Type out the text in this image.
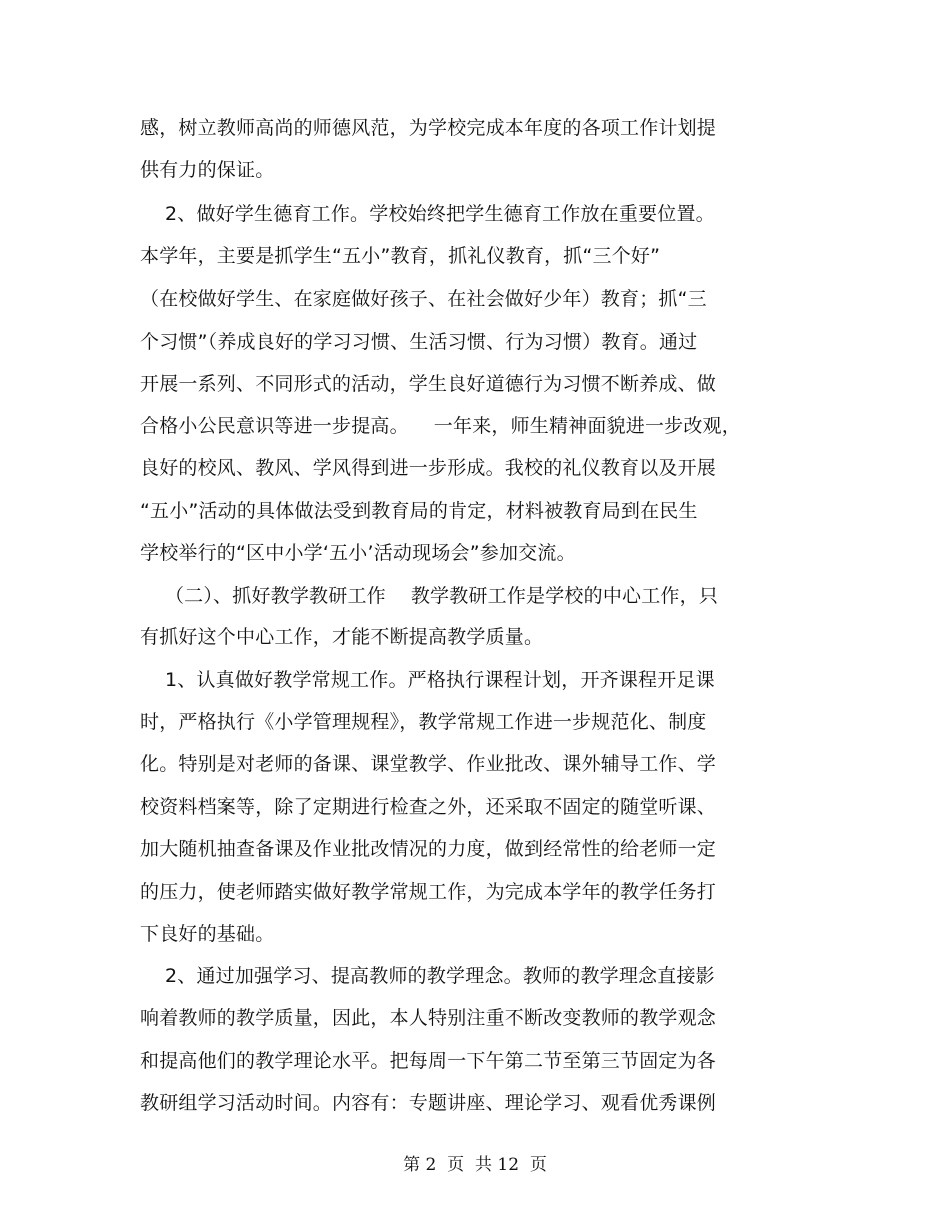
感，树立教师高尚的师德风范，为学校完成本年度的各项工作计划提
供有力的保证。
2、做好学生德育工作。学校始终把学生德育工作放在重要位置。
本学年，主要是抓学生“五小”教育，抓礼仪教育，抓“三个好”
（在校做好学生、在家庭做好孩子、在社会做好少年）教育；抓“三
个习惯”（养成良好的学习习惯、生活习惯、行为习惯）教育。通过
开展一系列、不同形式的活动，学生良好道德行为习惯不断养成、做
合格小公民意识等进一步提高。    一年来，师生精神面貌进一步改观，
良好的校风、教风、学风得到进一步形成。我校的礼仪教育以及开展
“五小”活动的具体做法受到教育局的肯定，材料被教育局到在民生
学校举行的“区中小学‘五小’活动现场会”参加交流。
（二）、抓好教学教研工作    教学教研工作是学校的中心工作，只
有抓好这个中心工作，才能不断提高教学质量。
1、认真做好教学常规工作。严格执行课程计划，开齐课程开足课
时，严格执行《小学管理规程》，教学常规工作进一步规范化、制度
化。特别是对老师的备课、课堂教学、作业批改、课外辅导工作、学
校资料档案等，除了定期进行检查之外，还采取不固定的随堂听课、
加大随机抽查备课及作业批改情况的力度，做到经常性的给老师一定
的压力，使老师踏实做好教学常规工作，为完成本学年的教学任务打
下良好的基础。
2、通过加强学习、提高教师的教学理念。教师的教学理念直接影
响着教师的教学质量，因此，本人特别注重不断改变教师的教学观念
和提高他们的教学理论水平。把每周一下午第二节至第三节固定为各
教研组学习活动时间。内容有：专题讲座、理论学习、观看优秀课例
第 2  页  共 12  页
